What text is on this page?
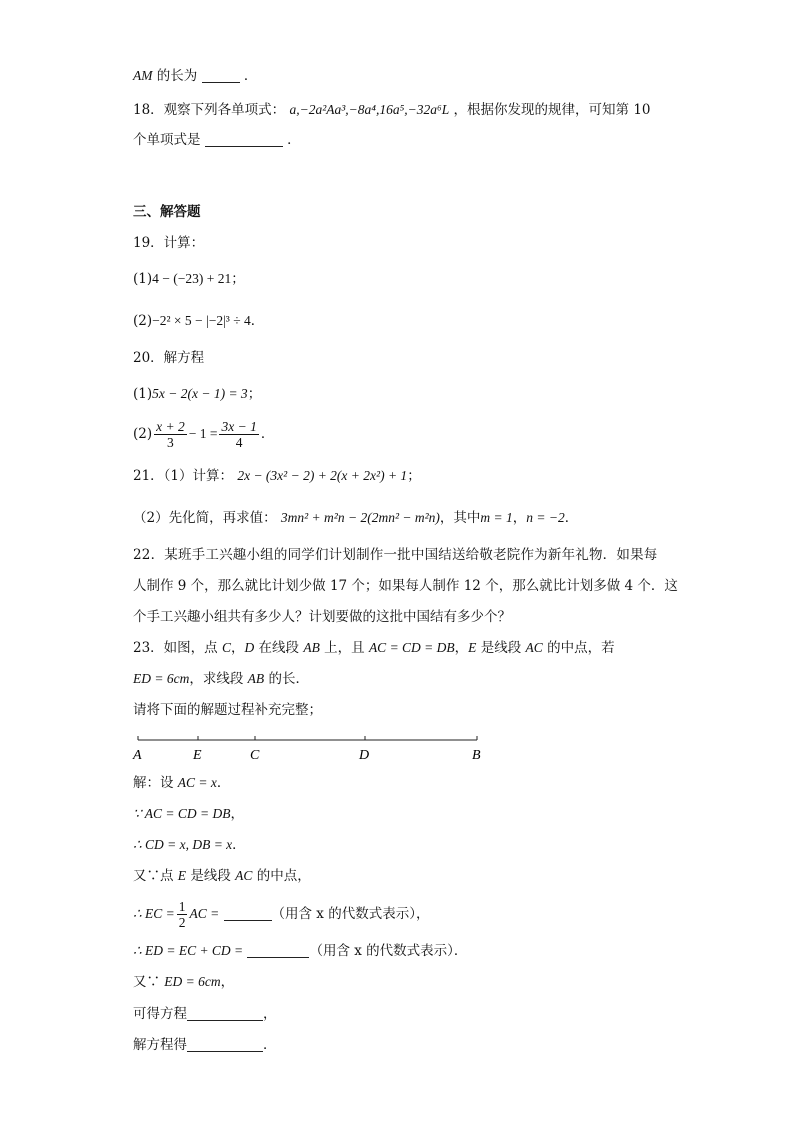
AM 的长为	．
18．观察下列各单项式： a,−2a²Aa³,−8a⁴,16a⁵,−32a⁶L ，根据你发现的规律，可知第 10
个单项式是	．
三、解答题
19．计算：
(1)4 − (−23) + 21；
(2)−2² × 5 − |−2|³ ÷ 4．
20．解方程
(1)5x − 2(x − 1) = 3；
$(2) \frac{x + 2}{3} - 1 = \frac{3x - 1}{4}$ ．
21．（1）计算： 2x − (3x² − 2) + 2(x + 2x²) + 1；
（2）先化简，再求值： 3mn² + m²n − 2(2mn² − m²n)，其中m = 1，n = −2．
22．某班手工兴趣小组的同学们计划制作一批中国结送给敬老院作为新年礼物．如果每
人制作 9 个，那么就比计划少做 17 个；如果每人制作 12 个，那么就比计划多做 4 个．这
个手工兴趣小组共有多少人？计划要做的这批中国结有多少个？
23．如图，点 C，D 在线段 AB 上，且 AC = CD = DB，E 是线段 AC 的中点，若
ED = 6cm，求线段 AB 的长．
请将下面的解题过程补充完整；
A	E	C	D	B
解：设 AC = x．
∵ AC = CD = DB，
∴ CD = x, DB = x．
又∵点 E 是线段 AC 的中点，
∴ EC = $\frac{1}{2}$ AC =	（用含 x 的代数式表示），
∴ ED = EC + CD =	（用含 x 的代数式表示）．
又∵ ED = 6cm，
可得方程	，
解方程得	．
